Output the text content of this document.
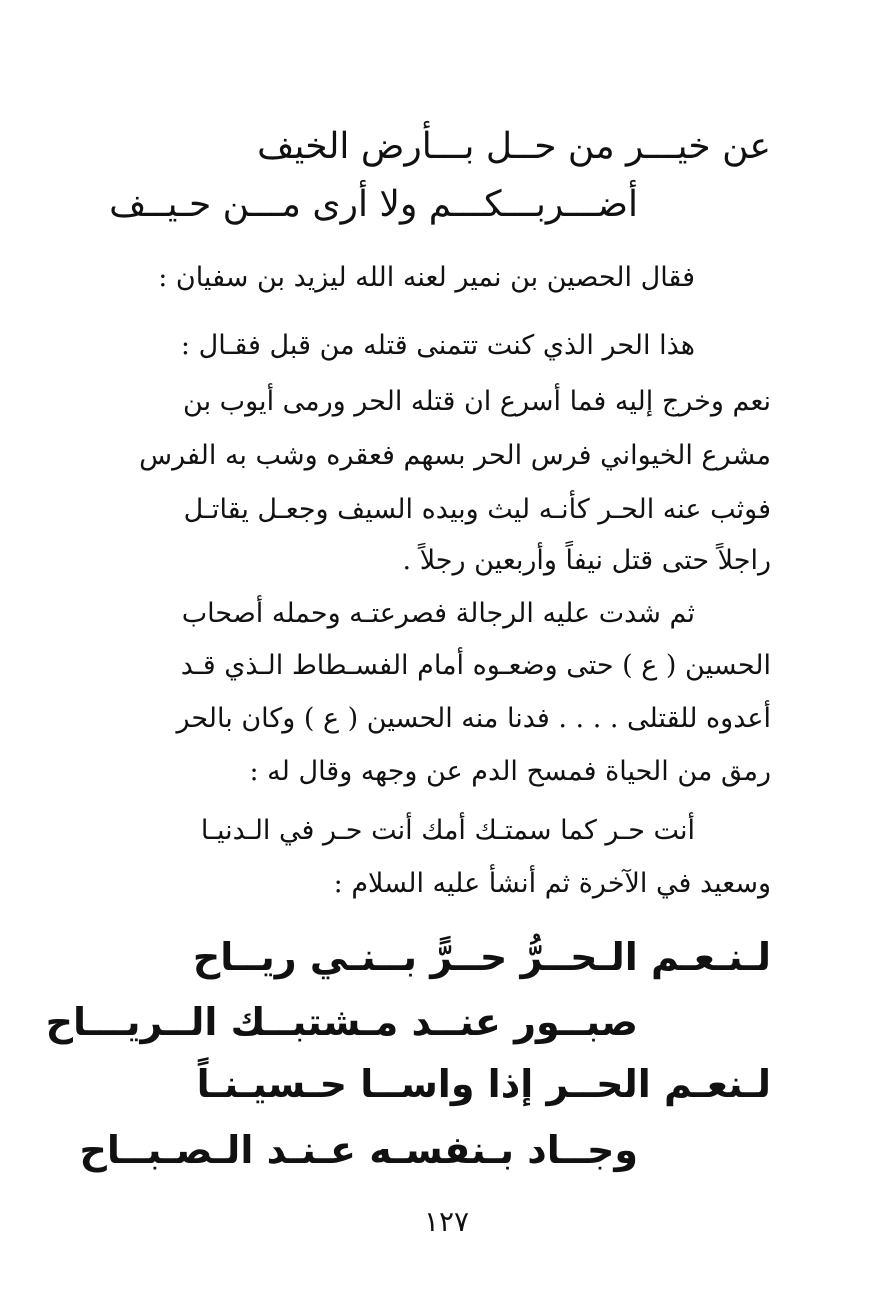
عن خيـــر من حــل بـــأرض الخيف
أضـــربـــكـــم ولا أرى مـــن حـيــف
فقال الحصين بن نمير لعنه الله ليزيد بن سفيان :
هذا الحر الذي كنت تتمنى قتله من قبل فقـال :
نعم وخرج إليه فما أسرع ان قتله الحر ورمى أيوب بن
مشرع الخيواني فرس الحر بسهم فعقره وشب به الفرس
فوثب عنه الحـر كأنـه ليث وبيده السيف وجعـل يقاتـل
راجلاً حتى قتل نيفاً وأربعين رجلاً .
ثم شدت عليه الرجالة فصرعتـه وحمله أصحاب
الحسين ( ع ) حتى وضعـوه أمام الفسـطاط الـذي قـد
أعدوه للقتلى . . . . فدنا منه الحسين ( ع ) وكان بالحر
رمق من الحياة فمسح الدم عن وجهه وقال له :
أنت حـر كما سمتـك أمك أنت حـر في الـدنيـا
وسعيد في الآخرة ثم أنشأ عليه السلام :
لـنـعـم الـحــرُّ حــرًّ بــنـي ريــاح
صبــور عنــد مـشتبــك الــريـــاح
لـنعـم الحــر إذا واســا حـسيـنـاً
وجــاد بـنفسـه عـنـد الـصـبــاح
١٢٧
